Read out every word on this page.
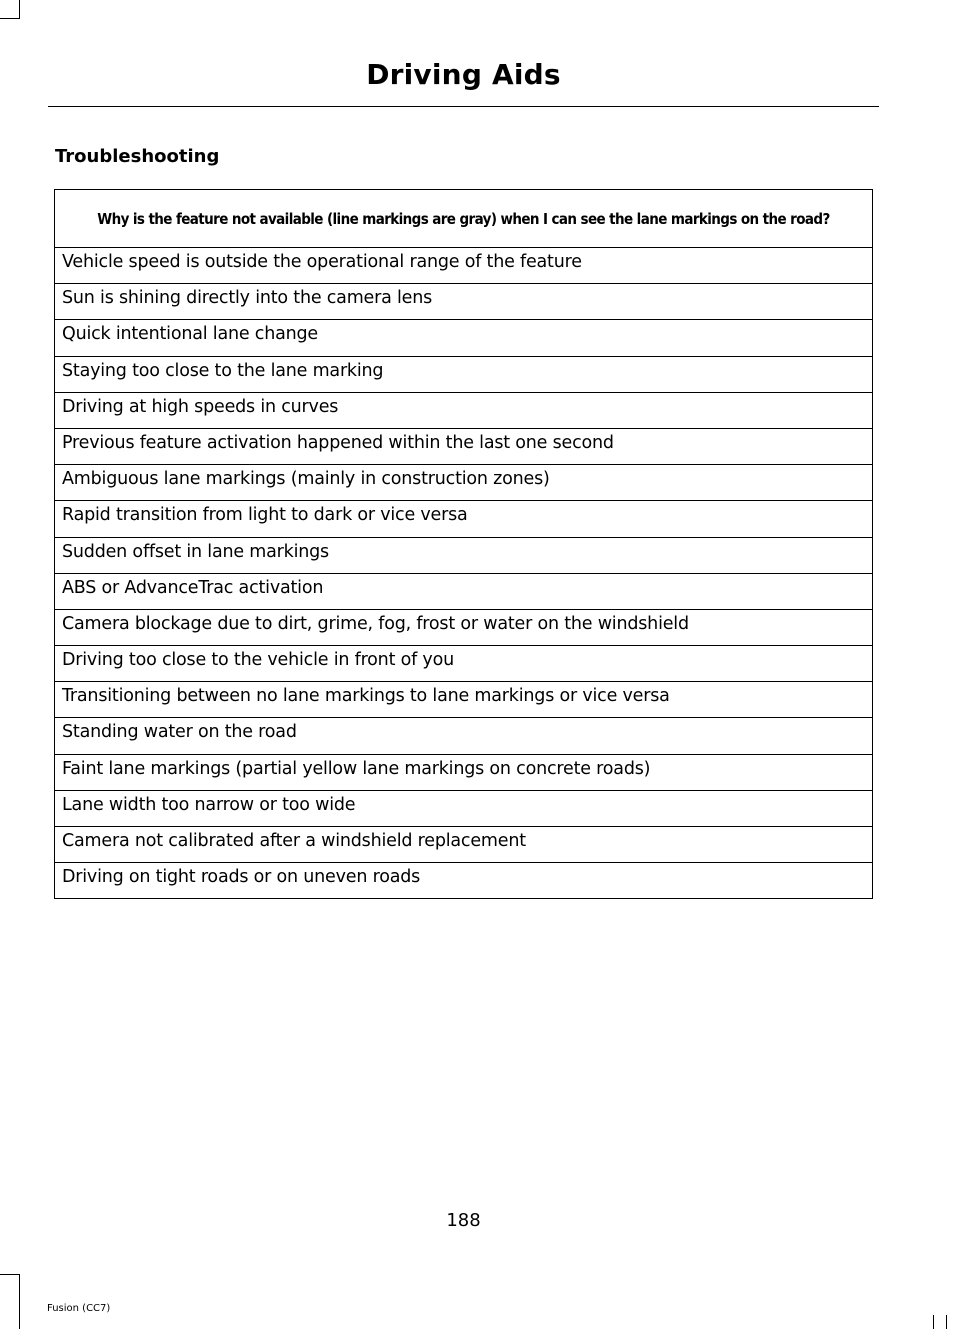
Driving Aids
Troubleshooting
Why is the feature not available (line markings are gray) when I can see the lane markings on the road?
Vehicle speed is outside the operational range of the feature
Sun is shining directly into the camera lens
Quick intentional lane change
Staying too close to the lane marking
Driving at high speeds in curves
Previous feature activation happened within the last one second
Ambiguous lane markings (mainly in construction zones)
Rapid transition from light to dark or vice versa
Sudden offset in lane markings
ABS or AdvanceTrac activation
Camera blockage due to dirt, grime, fog, frost or water on the windshield
Driving too close to the vehicle in front of you
Transitioning between no lane markings to lane markings or vice versa
Standing water on the road
Faint lane markings (partial yellow lane markings on concrete roads)
Lane width too narrow or too wide
Camera not calibrated after a windshield replacement
Driving on tight roads or on uneven roads
188
Fusion (CC7)
